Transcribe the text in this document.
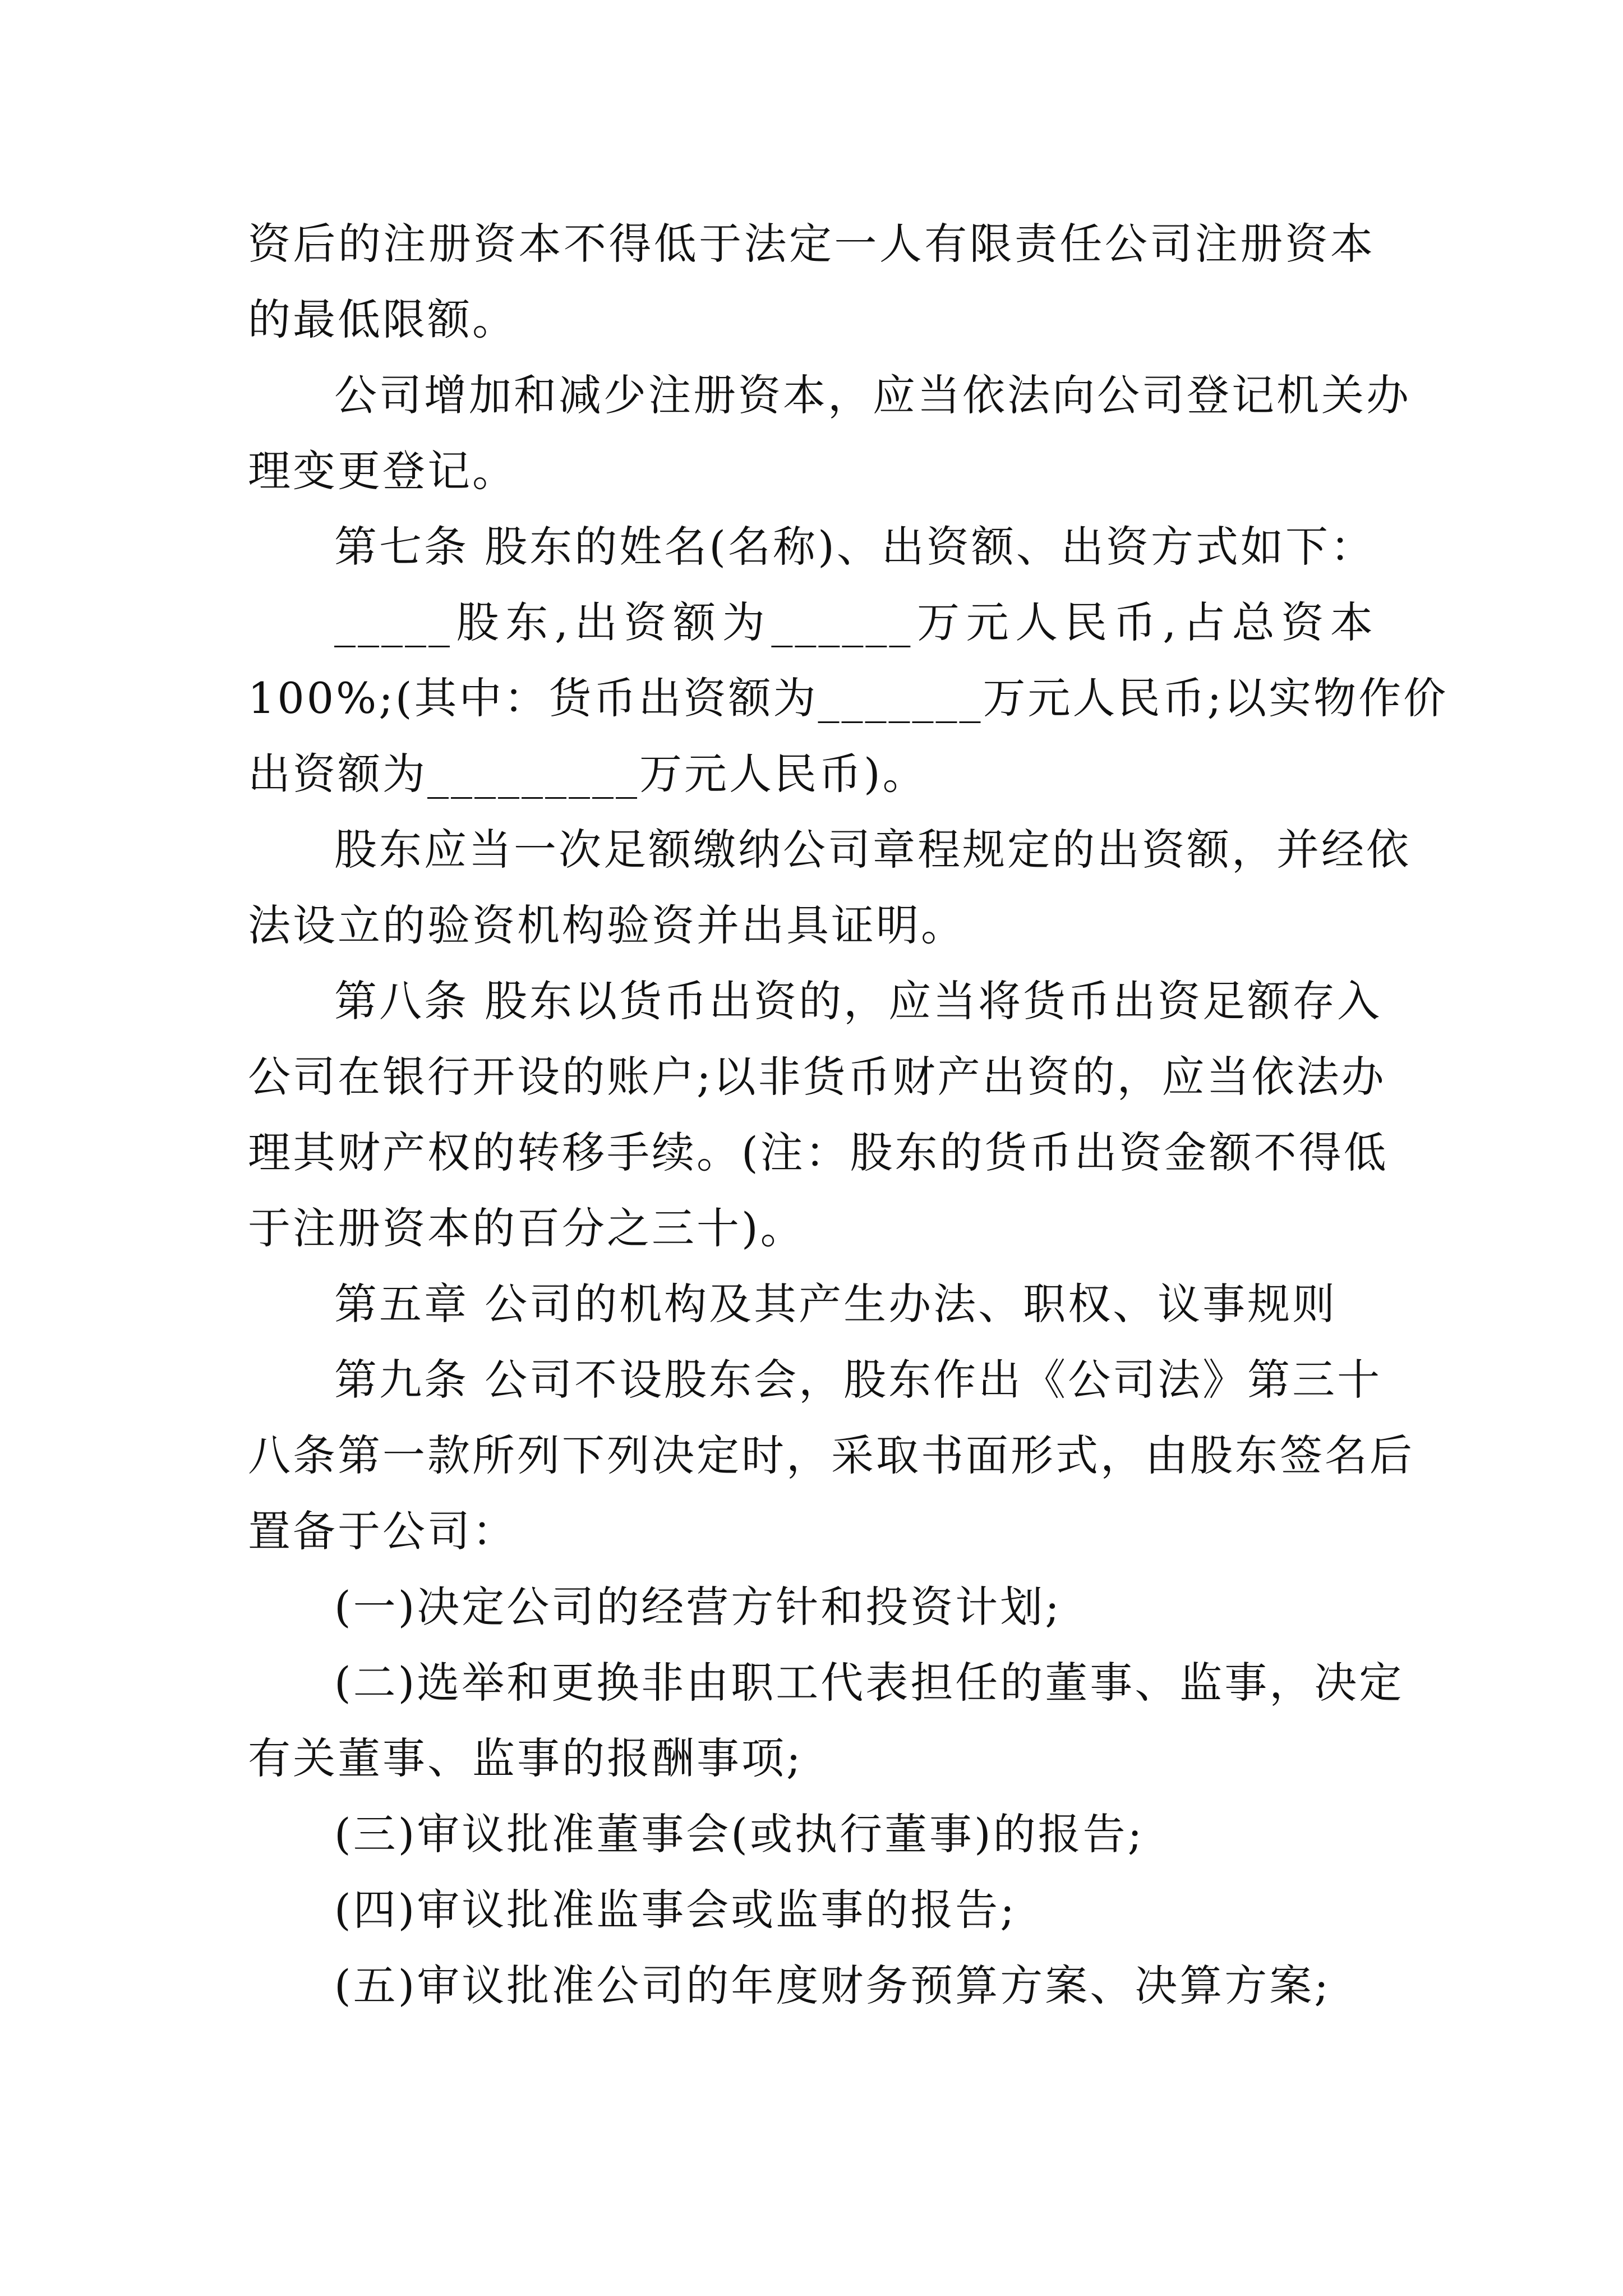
资后的注册资本不得低于法定一人有限责任公司注册资本
的最低限额。
公司增加和减少注册资本，应当依法向公司登记机关办
理变更登记。
第七条 股东的姓名(名称)、出资额、出资方式如下：
_____股东,出资额为______万元人民币,占总资本
100%;(其中：货币出资额为_______万元人民币;以实物作价
出资额为_________万元人民币)。
股东应当一次足额缴纳公司章程规定的出资额，并经依
法设立的验资机构验资并出具证明。
第八条 股东以货币出资的，应当将货币出资足额存入
公司在银行开设的账户;以非货币财产出资的，应当依法办
理其财产权的转移手续。(注：股东的货币出资金额不得低
于注册资本的百分之三十)。
第五章 公司的机构及其产生办法、职权、议事规则
第九条 公司不设股东会，股东作出《公司法》第三十
八条第一款所列下列决定时，采取书面形式，由股东签名后
置备于公司：
(一)决定公司的经营方针和投资计划;
(二)选举和更换非由职工代表担任的董事、监事，决定
有关董事、监事的报酬事项;
(三)审议批准董事会(或执行董事)的报告;
(四)审议批准监事会或监事的报告;
(五)审议批准公司的年度财务预算方案、决算方案;
